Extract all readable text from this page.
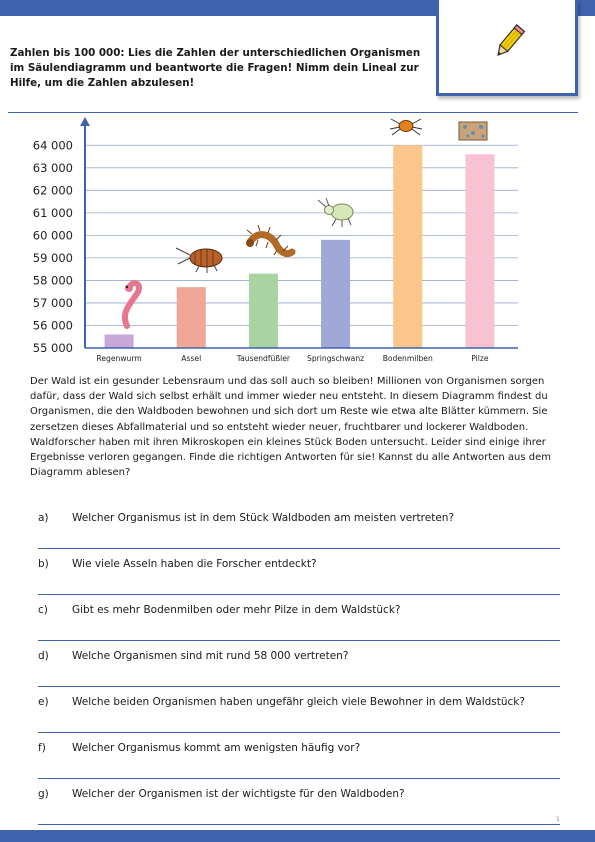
Zahlen bis 100 000: Lies die Zahlen der unterschiedlichen Organismen im Säulendiagramm und beantworte die Fragen! Nimm dein Lineal zur Hilfe, um die Zahlen abzulesen!
55 000
56 000
57 000
58 000
59 000
60 000
61 000
62 000
63 000
64 000
Regenwurm	Assel	Tausendfüßler Springschwanz Bodenmilben	Pilze
Der Wald ist ein gesunder Lebensraum und das soll auch so bleiben! Millionen von Organismen sorgen dafür, dass der Wald sich selbst erhält und immer wieder neu entsteht. In diesem Diagramm findest du Organismen, die den Waldboden bewohnen und sich dort um Reste wie etwa alte Blätter kümmern. Sie zersetzen dieses Abfallmaterial und so entsteht wieder neuer, fruchtbarer und lockerer Waldboden. Waldforscher haben mit ihren Mikroskopen ein kleines Stück Boden untersucht. Leider sind einige ihrer Ergebnisse verloren gegangen. Finde die richtigen Antworten für sie! Kannst du alle Antworten aus dem Diagramm ablesen?
a) Welcher Organismus ist in dem Stück Waldboden am meisten vertreten?
b) Wie viele Asseln haben die Forscher entdeckt?
c) Gibt es mehr Bodenmilben oder mehr Pilze in dem Waldstück?
d) Welche Organismen sind mit rund 58 000 vertreten?
e) Welche beiden Organismen haben ungefähr gleich viele Bewohner in dem Waldstück?
f) Welcher Organismus kommt am wenigsten häufig vor?
g) Welcher der Organismen ist der wichtigste für den Waldboden?
1
